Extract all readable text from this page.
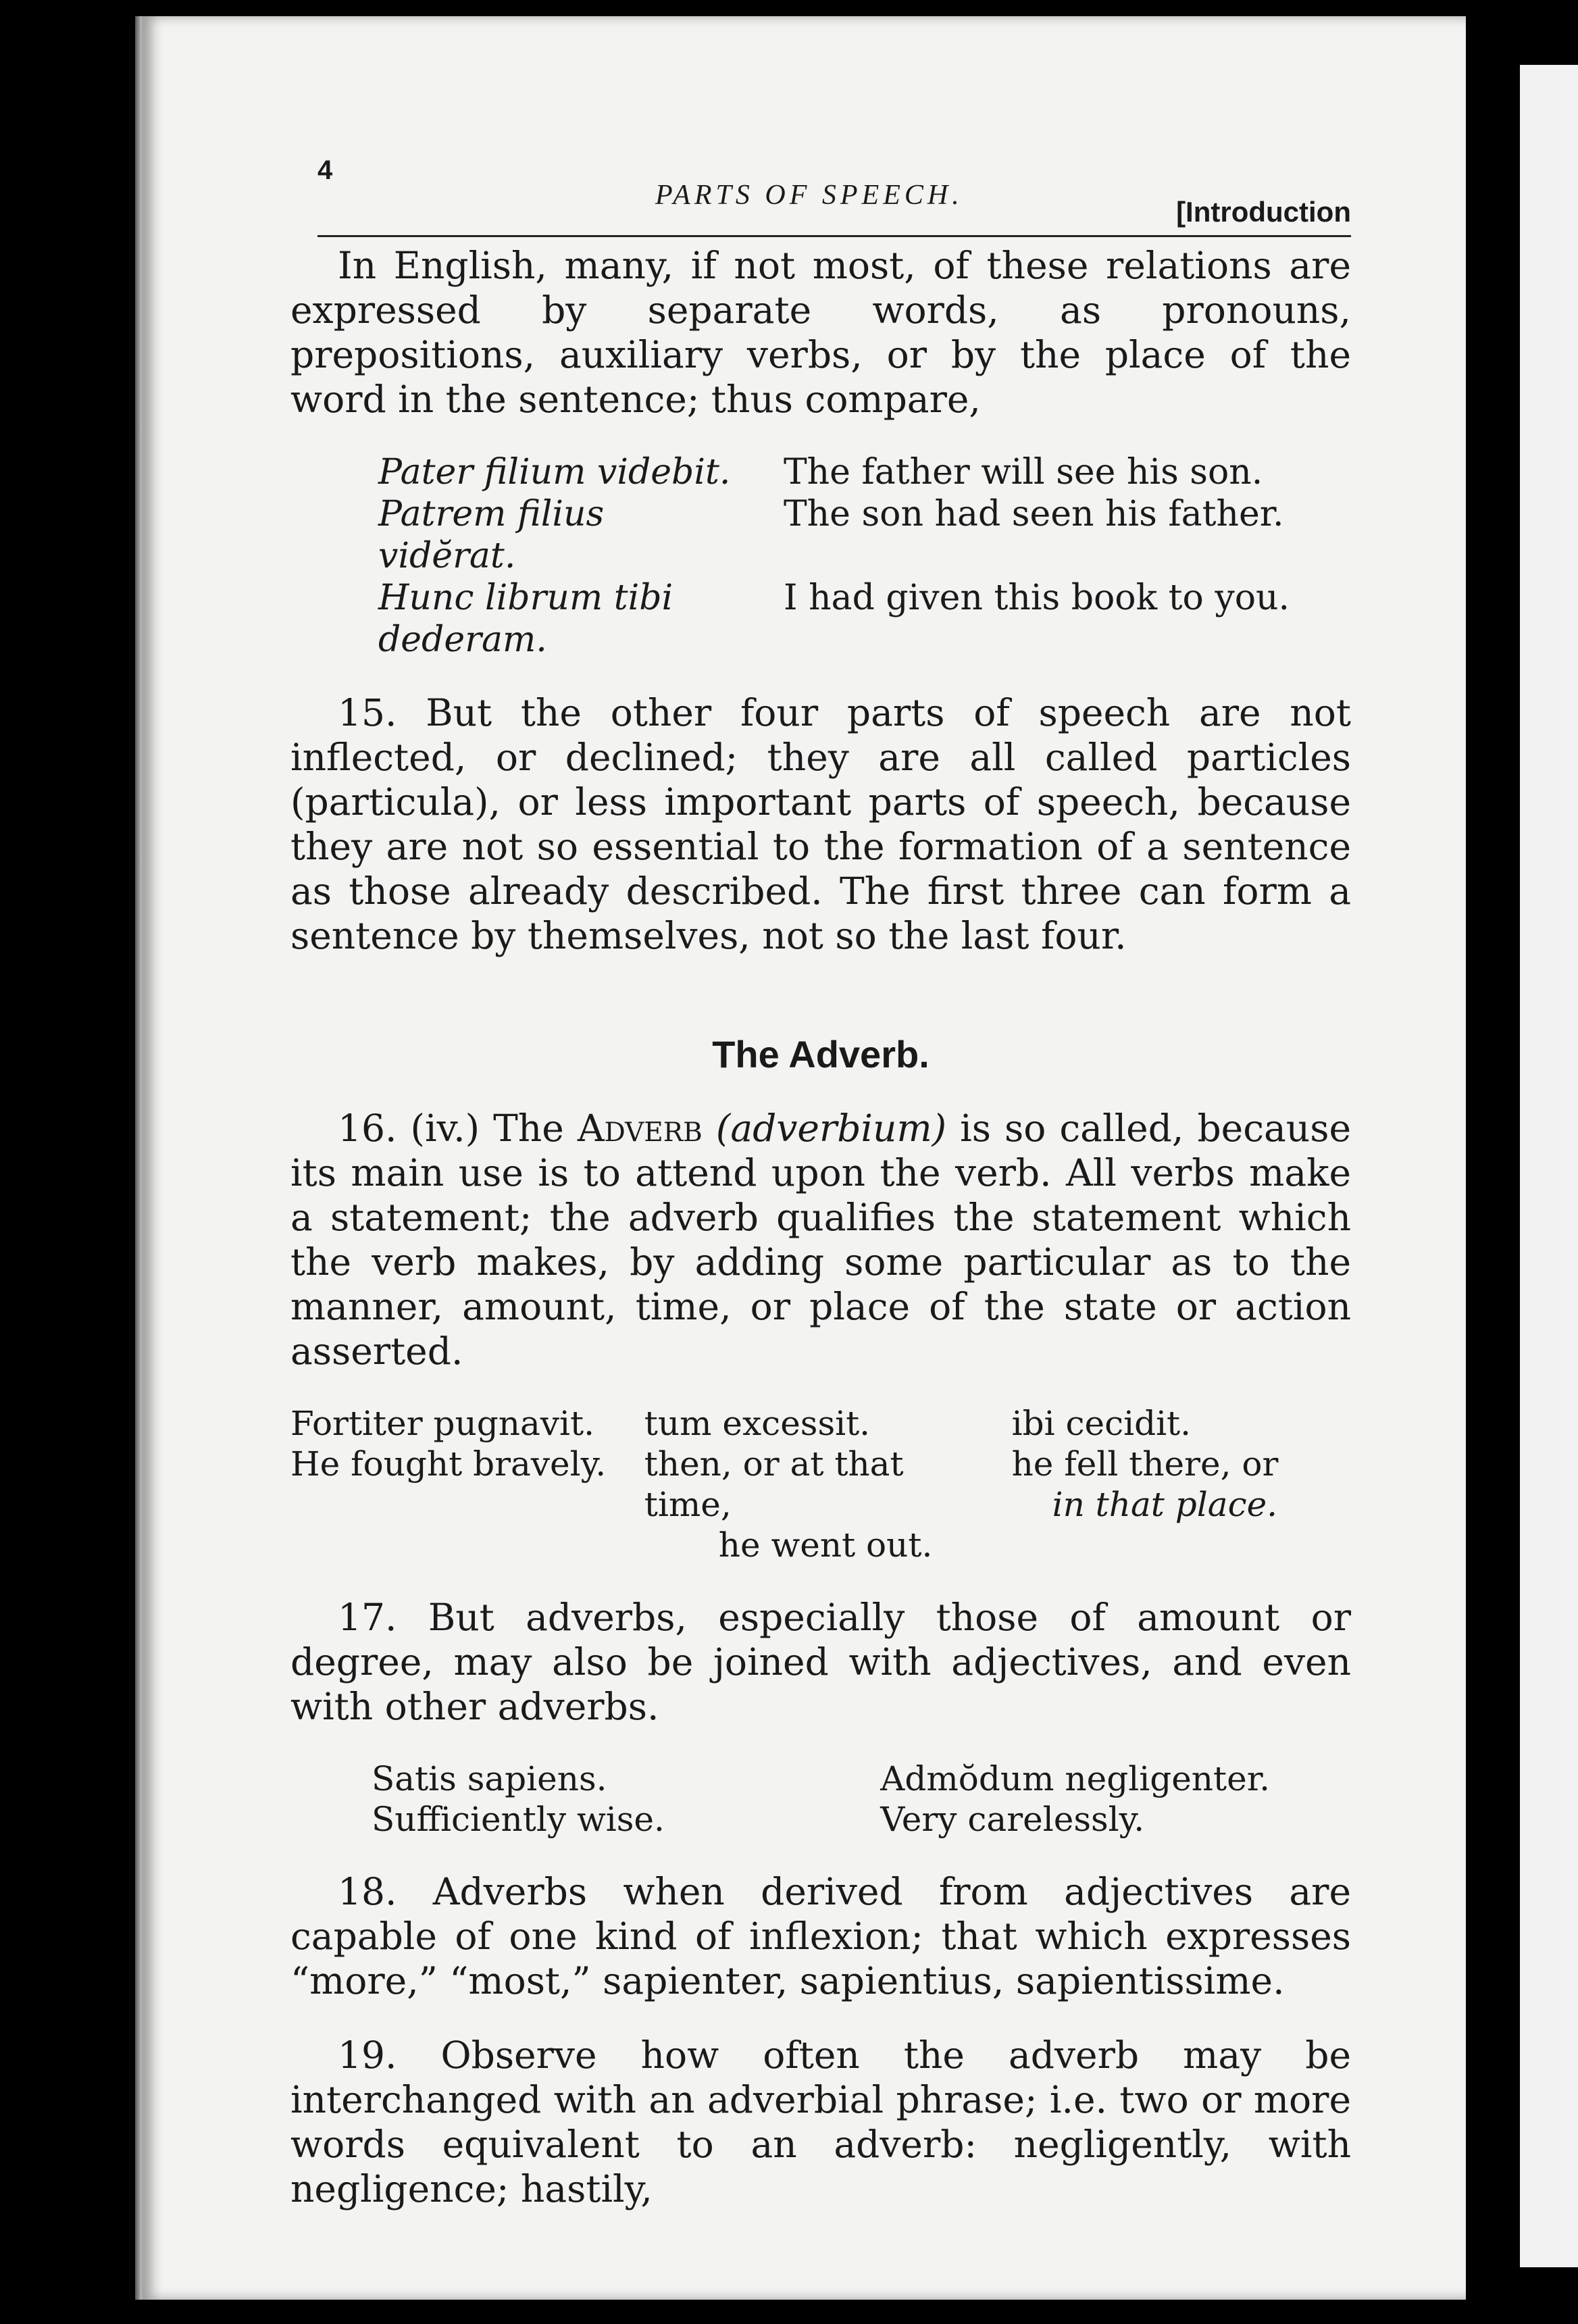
4
PARTS OF SPEECH.
[Introduction

In English, many, if not most, of these relations are expressed by separate words, as pronouns, prepositions, auxiliary verbs, or by the place of the word in the sentence; thus compare,

Pater filium videbit.	The father will see his son.
Patrem filius vidĕrat.
The son had seen his father.
Hunc librum tibi dederam.
I had given this book to you.

15. But the other four parts of speech are not inflected, or declined; they are all called particles (particula), or less important parts of speech, because they are not so essential to the formation of a sentence as those already described. The first three can form a sentence by themselves, not so the last four.

The Adverb.

16. (iv.) The Adverb (adverbium) is so called, because its main use is to attend upon the verb. All verbs make a statement; the adverb qualifies the statement which the verb makes, by adding some particular as to the manner, amount, time, or place of the state or action asserted.

Fortiter pugnavit.
He fought bravely.
tum excessit.
then, or at that time,
he went out.
ibi cecidit.
he fell there, or
in that place.

17. But adverbs, especially those of amount or degree, may also be joined with adjectives, and even with other adverbs.

Satis sapiens.
Sufficiently wise.
Admŏdum negligenter.
Very carelessly.

18. Adverbs when derived from adjectives are capable of one kind of inflexion; that which expresses “more,” “most,” sapienter, sapientius, sapientissime.

19. Observe how often the adverb may be interchanged with an adverbial phrase; i.e. two or more words equivalent to an adverb: negligently, with negligence; hastily,
